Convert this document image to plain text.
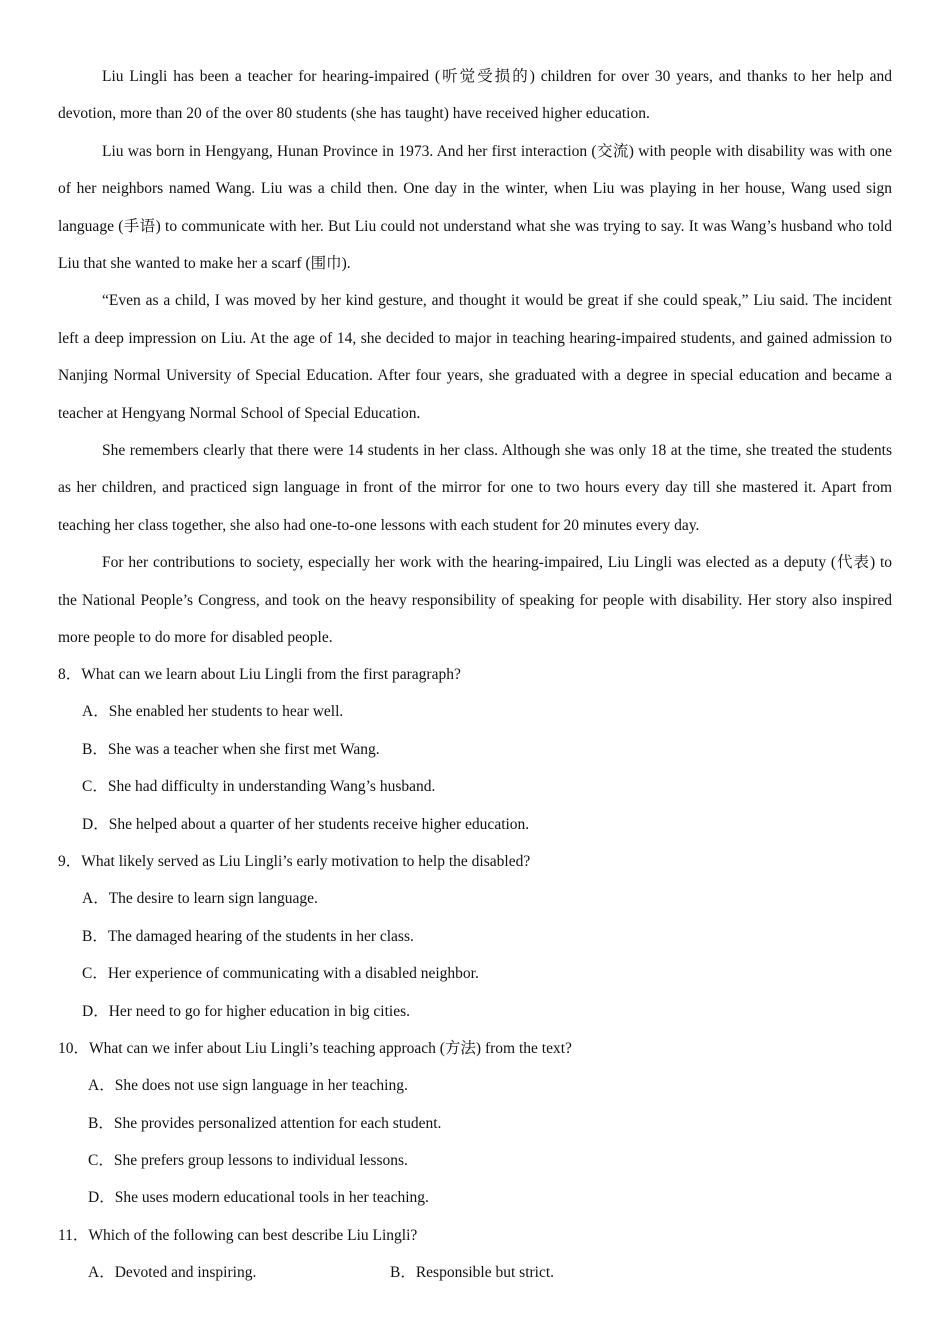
Liu Lingli has been a teacher for hearing-impaired (听觉受损的) children for over 30 years, and thanks to her help and devotion, more than 20 of the over 80 students (she has taught) have received higher education.

Liu was born in Hengyang, Hunan Province in 1973. And her first interaction (交流) with people with disability was with one of her neighbors named Wang. Liu was a child then. One day in the winter, when Liu was playing in her house, Wang used sign language (手语) to communicate with her. But Liu could not understand what she was trying to say. It was Wang’s husband who told Liu that she wanted to make her a scarf (围巾).

“Even as a child, I was moved by her kind gesture, and thought it would be great if she could speak,” Liu said. The incident left a deep impression on Liu. At the age of 14, she decided to major in teaching hearing-impaired students, and gained admission to Nanjing Normal University of Special Education. After four years, she graduated with a degree in special education and became a teacher at Hengyang Normal School of Special Education.

She remembers clearly that there were 14 students in her class. Although she was only 18 at the time, she treated the students as her children, and practiced sign language in front of the mirror for one to two hours every day till she mastered it. Apart from teaching her class together, she also had one-to-one lessons with each student for 20 minutes every day.

For her contributions to society, especially her work with the hearing-impaired, Liu Lingli was elected as a deputy (代表) to the National People’s Congress, and took on the heavy responsibility of speaking for people with disability. Her story also inspired more people to do more for disabled people.

8．What can we learn about Liu Lingli from the first paragraph?
A．She enabled her students to hear well.
B．She was a teacher when she first met Wang.
C．She had difficulty in understanding Wang’s husband.
D．She helped about a quarter of her students receive higher education.
9．What likely served as Liu Lingli’s early motivation to help the disabled?
A．The desire to learn sign language.
B．The damaged hearing of the students in her class.
C．Her experience of communicating with a disabled neighbor.
D．Her need to go for higher education in big cities.
10．What can we infer about Liu Lingli’s teaching approach (方法) from the text?
A．She does not use sign language in her teaching.
B．She provides personalized attention for each student.
C．She prefers group lessons to individual lessons.
D．She uses modern educational tools in her teaching.
11．Which of the following can best describe Liu Lingli?
A．Devoted and inspiring.	B．Responsible but strict.
